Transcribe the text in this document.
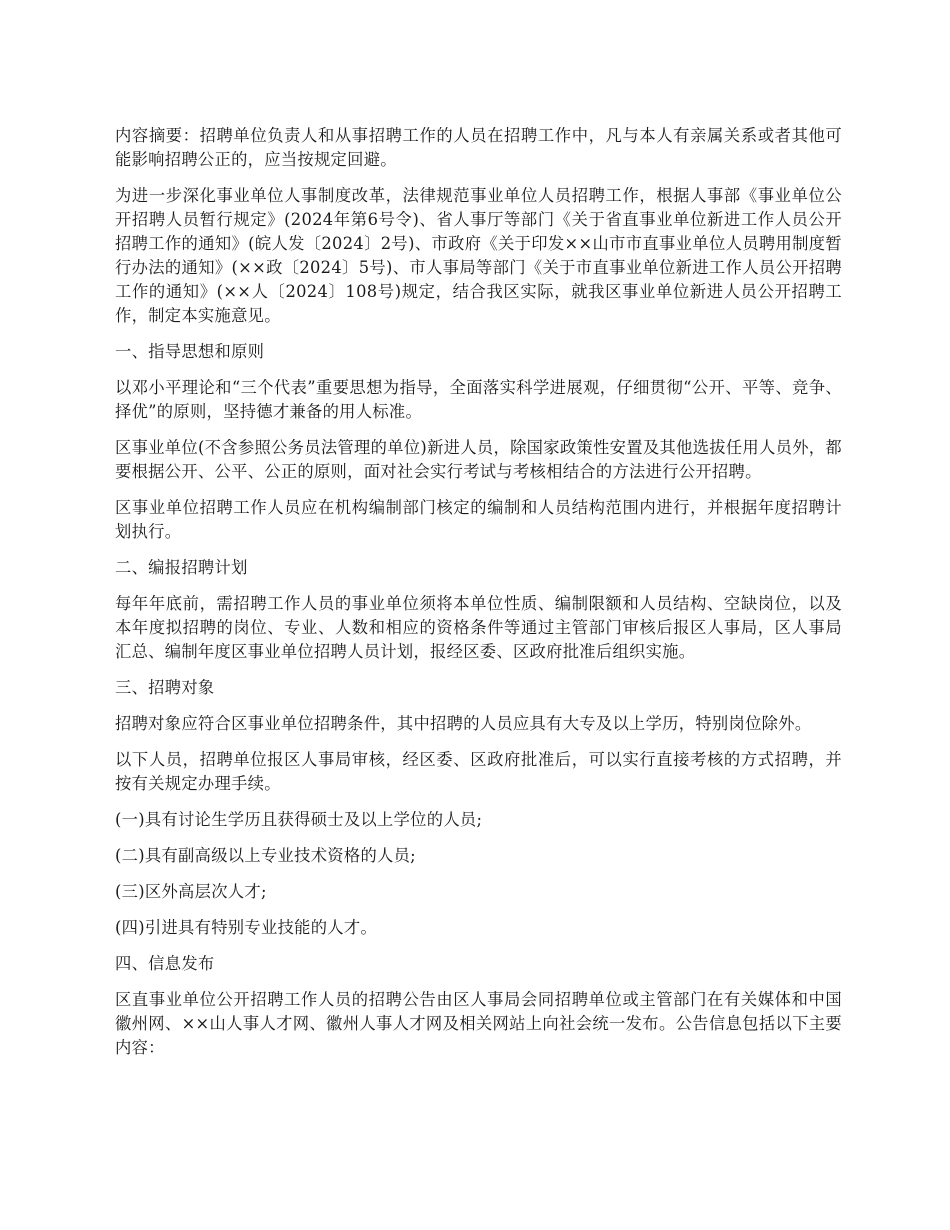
内容摘要：招聘单位负责人和从事招聘工作的人员在招聘工作中，凡与本人有亲属关系或者其他可能影响招聘公正的，应当按规定回避。

为进一步深化事业单位人事制度改革，法律规范事业单位人员招聘工作，根据人事部《事业单位公开招聘人员暂行规定》(2024年第6号令)、省人事厅等部门《关于省直事业单位新进工作人员公开招聘工作的通知》(皖人发〔2024〕2号)、市政府《关于印发××山市市直事业单位人员聘用制度暂行办法的通知》(××政〔2024〕5号)、市人事局等部门《关于市直事业单位新进工作人员公开招聘工作的通知》(××人〔2024〕108号)规定，结合我区实际，就我区事业单位新进人员公开招聘工作，制定本实施意见。

一、指导思想和原则

以邓小平理论和“三个代表”重要思想为指导，全面落实科学进展观，仔细贯彻“公开、平等、竞争、择优”的原则，坚持德才兼备的用人标准。

区事业单位(不含参照公务员法管理的单位)新进人员，除国家政策性安置及其他选拔任用人员外，都要根据公开、公平、公正的原则，面对社会实行考试与考核相结合的方法进行公开招聘。

区事业单位招聘工作人员应在机构编制部门核定的编制和人员结构范围内进行，并根据年度招聘计划执行。

二、编报招聘计划

每年年底前，需招聘工作人员的事业单位须将本单位性质、编制限额和人员结构、空缺岗位，以及本年度拟招聘的岗位、专业、人数和相应的资格条件等通过主管部门审核后报区人事局，区人事局汇总、编制年度区事业单位招聘人员计划，报经区委、区政府批准后组织实施。

三、招聘对象

招聘对象应符合区事业单位招聘条件，其中招聘的人员应具有大专及以上学历，特别岗位除外。

以下人员，招聘单位报区人事局审核，经区委、区政府批准后，可以实行直接考核的方式招聘，并按有关规定办理手续。

(一)具有讨论生学历且获得硕士及以上学位的人员;

(二)具有副高级以上专业技术资格的人员;

(三)区外高层次人才;

(四)引进具有特别专业技能的人才。

四、信息发布

区直事业单位公开招聘工作人员的招聘公告由区人事局会同招聘单位或主管部门在有关媒体和中国徽州网、××山人事人才网、徽州人事人才网及相关网站上向社会统一发布。公告信息包括以下主要内容：
